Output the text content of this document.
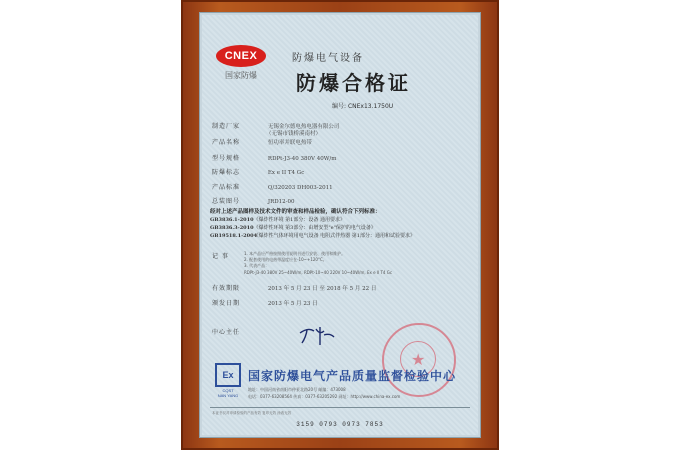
CNEX
国家防爆
防爆电气设备
防爆合格证
编号: CNEx13.1750U
制造厂家	无锡金尔德电热电器有限公司
（无锡市钱桥溪南村）
产品名称	恒功率并联电热带
型号规格	RDPt-J3-40 380V 40W/m
防爆标志	Ex e II T4 Gc
产品标准	Q/320203 DH003-2011
总装图号	JRD12-00
经对上述产品图样及技术文件的审查和样品检验，确认符合下列标准：
GB3836.1-2010 《爆炸性环境 第1部分：设备 通用要求》
GB3836.3-2010 《爆炸性环境 第3部分：由增安型"e"保护的电气设备》
GB19518.1-2004 《爆炸性气体环境用电气设备 电阻式伴热器 第1部分：通用和试验要求》
记 事	1. 本产品应严格按照使用说明书进行安装、使用和维护。
2. 配套使用的电热带温度应在-10~+120°C。
3. 代表产品：
RDPt-J3-40 380V 25~40W/m, RDPt-10~40 220V 10~40W/m, Ex e II T4 Gc
有效期限	2013 年 5 月 23 日 至 2018 年 5 月 22 日
颁发日期	2013 年 5 月 23 日
中心主任
★
Ex
CQST
NAN YANG
国家防爆电气产品质量监督检验中心
地址：中国河南省南阳市仲景北路20号 邮编：473008
电话：0377-63208564 传真：0377-63205292 网址：http://www.china-ex.com
本证书仅对申请检验的产品有效 复印无效 涂改无效
3159 0793 0973 7853
